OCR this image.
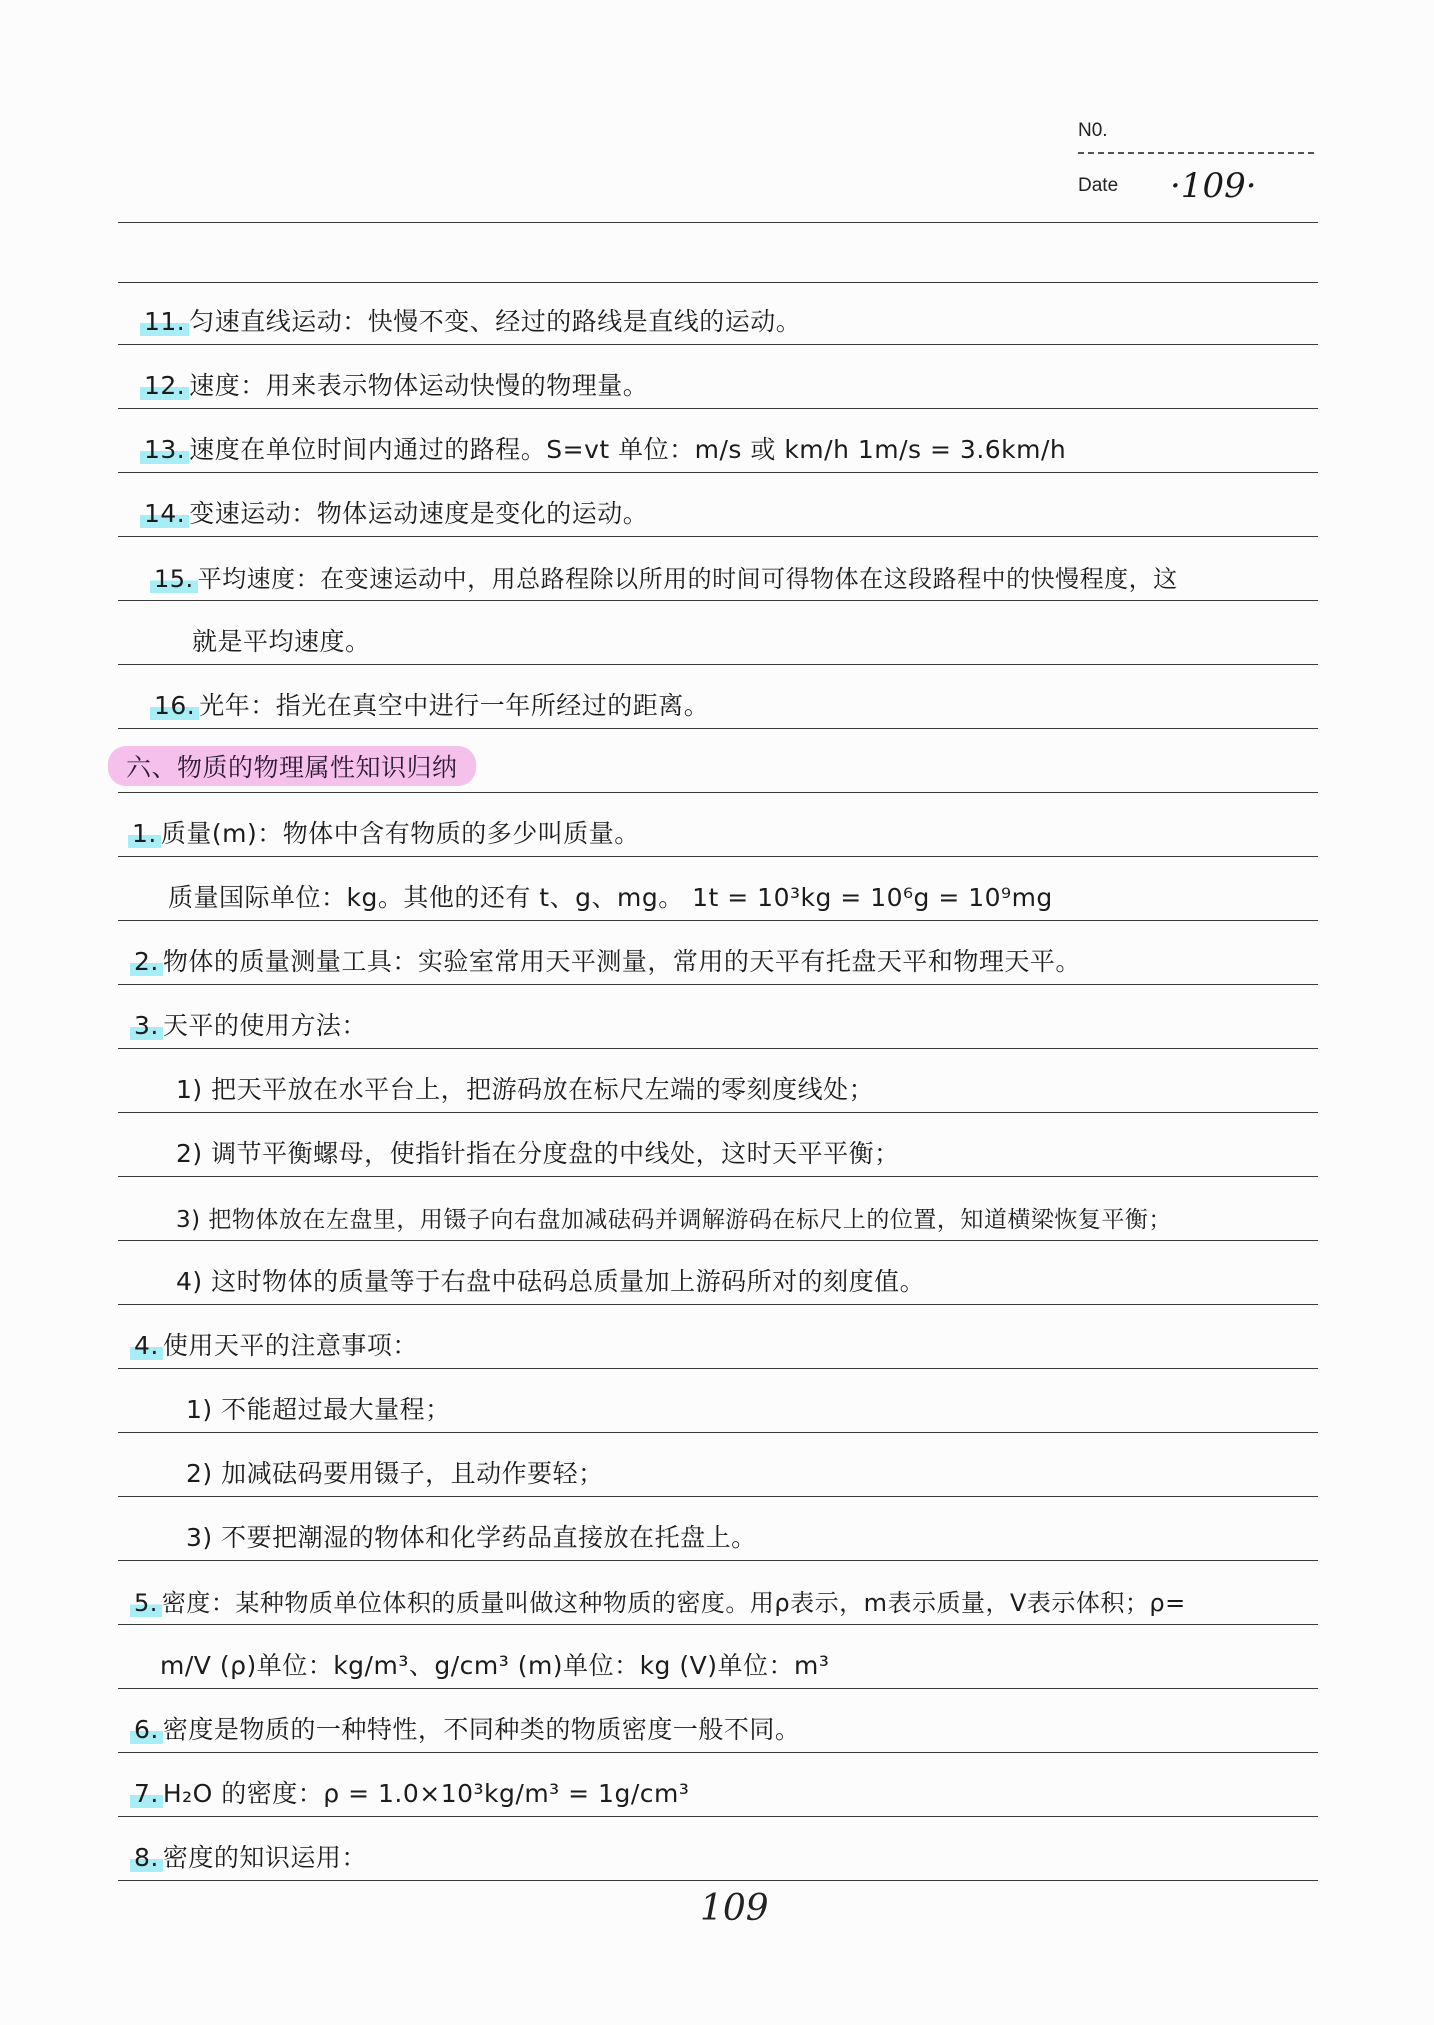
N0.
Date ·109·
11. 匀速直线运动：快慢不变、经过的路线是直线的运动。
12. 速度：用来表示物体运动快慢的物理量。
13. 速度在单位时间内通过的路程。S=vt 单位：m/s 或 km/h 1m/s = 3.6km/h
14. 变速运动：物体运动速度是变化的运动。
15. 平均速度：在变速运动中，用总路程除以所用的时间可得物体在这段路程中的快慢程度，这
就是平均速度。
16. 光年：指光在真空中进行一年所经过的距离。
六、物质的物理属性知识归纳
1. 质量(m)：物体中含有物质的多少叫质量。
质量国际单位：kg。其他的还有 t、g、mg。 1t = 10³kg = 10⁶g = 10⁹mg
2. 物体的质量测量工具：实验室常用天平测量，常用的天平有托盘天平和物理天平。
3. 天平的使用方法：
1) 把天平放在水平台上，把游码放在标尺左端的零刻度线处；
2) 调节平衡螺母，使指针指在分度盘的中线处，这时天平平衡；
3) 把物体放在左盘里，用镊子向右盘加减砝码并调解游码在标尺上的位置，知道横梁恢复平衡；
4) 这时物体的质量等于右盘中砝码总质量加上游码所对的刻度值。
4. 使用天平的注意事项：
1) 不能超过最大量程；
2) 加减砝码要用镊子，且动作要轻；
3) 不要把潮湿的物体和化学药品直接放在托盘上。
5. 密度：某种物质单位体积的质量叫做这种物质的密度。用ρ表示，m表示质量，V表示体积；ρ=
m/V (ρ)单位：kg/m³、g/cm³ (m)单位：kg (V)单位：m³
6. 密度是物质的一种特性，不同种类的物质密度一般不同。
7. H₂O 的密度：ρ = 1.0×10³kg/m³ = 1g/cm³
8. 密度的知识运用：
109
